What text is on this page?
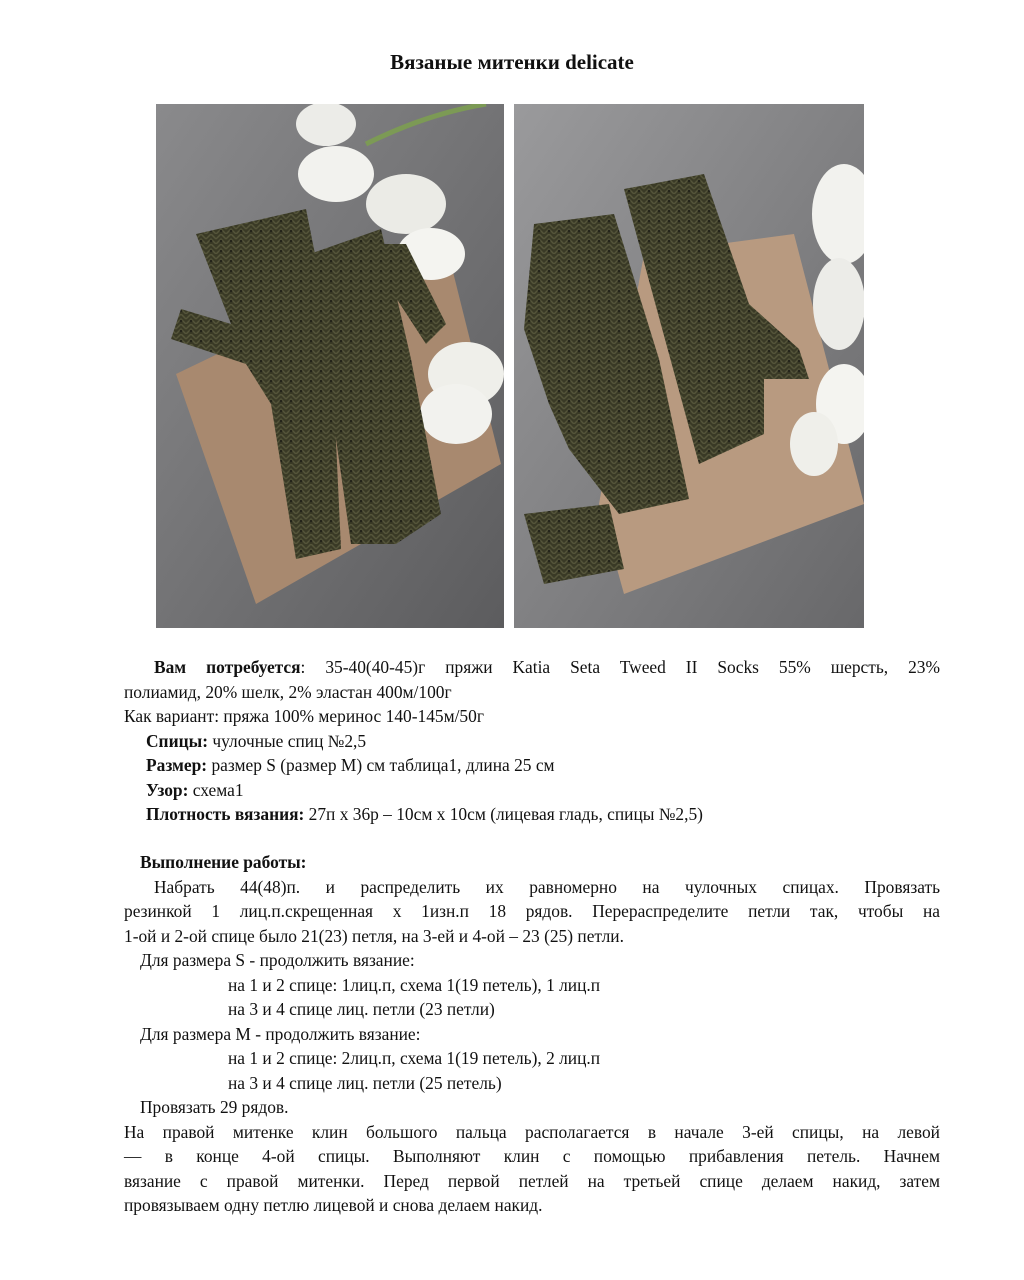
Вязаные митенки delicate
Вам потребуется: 35-40(40-45)г пряжи Katia Seta Tweed II Socks 55% шерсть, 23%
полиамид, 20% шелк, 2% эластан 400м/100г
Как вариант: пряжа 100% меринос 140-145м/50г
Спицы: чулочные спиц №2,5
Размер: размер S (размер M) см таблица1, длина 25 см
Узор: схема1
Плотность вязания: 27п х 36р – 10см х 10см (лицевая гладь, спицы №2,5)
Выполнение работы:
Набрать 44(48)п. и распределить их равномерно на чулочных спицах. Провязать
резинкой 1 лиц.п.скрещенная х 1изн.п 18 рядов. Перераспределите петли так, чтобы на
1-ой и 2-ой спице было 21(23) петля, на 3-ей и 4-ой – 23 (25) петли.
Для размера S - продолжить вязание:
на 1 и 2 спице: 1лиц.п, схема 1(19 петель), 1 лиц.п
на 3 и 4 спице лиц. петли (23 петли)
Для размера M - продолжить вязание:
на 1 и 2 спице: 2лиц.п, схема 1(19 петель), 2 лиц.п
на 3 и 4 спице лиц. петли (25 петель)
Провязать 29 рядов.
На правой митенке клин большого пальца располагается в начале 3-ей спицы, на левой
— в конце 4-ой спицы. Выполняют клин с помощью прибавления петель. Начнем
вязание с правой митенки. Перед первой петлей на третьей спице делаем накид, затем
провязываем одну петлю лицевой и снова делаем накид.
